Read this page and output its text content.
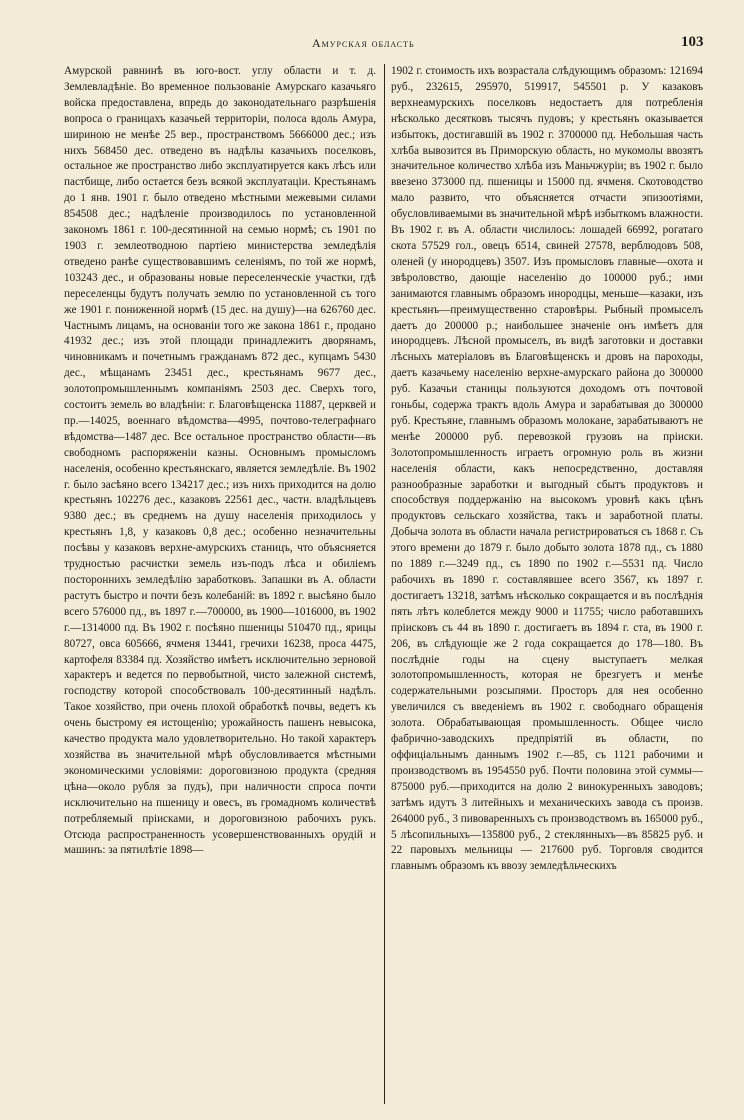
Амурская область	103

Амурской равнинѣ въ юго-вост. углу области и т. д. Землевладѣніе. Во временное пользованіе Амурскаго казачьяго войска предоставлена, впредь до законодательнаго разрѣшенія вопроса о границахъ казачьей территоріи, полоса вдоль Амура, шириною не менѣе 25 вер., пространствомъ 5666000 дес.; изъ нихъ 568450 дес. отведено въ надѣлы казачьихъ поселковъ, остальное же пространство либо эксплуатируется какъ лѣсъ или пастбище, либо остается безъ всякой эксплуатаціи. Крестьянамъ до 1 янв. 1901 г. было отведено мѣстными межевыми силами 854508 дес.; надѣленіе производилось по установленной закономъ 1861 г. 100-десятинной на семью нормѣ; съ 1901 по 1903 г. землеотводною партіею министерства земледѣлія отведено ранѣе существовавшимъ селеніямъ, по той же нормѣ, 103243 дес., и образованы новые переселенческіе участки, гдѣ переселенцы будутъ получать землю по установленной съ того же 1901 г. пониженной нормѣ (15 дес. на душу)—на 626760 дес. Частнымъ лицамъ, на основаніи того же закона 1861 г., продано 41932 дес.; изъ этой площади принадлежитъ дворянамъ, чиновникамъ и почетнымъ гражданамъ 872 дес., купцамъ 5430 дес., мѣщанамъ 23451 дес., крестьянамъ 9677 дес., золотопромышленнымъ компаніямъ 2503 дес. Сверхъ того, состоитъ земель во владѣніи: г. Благовѣщенска 11887, церквей и пр.—14025, военнаго вѣдомства—4995, почтово-телеграфнаго вѣдомства—1487 дес. Все остальное пространство области—въ свободномъ распоряженіи казны. Основнымъ промысломъ населенія, особенно крестьянскаго, является земледѣліе. Въ 1902 г. было засѣяно всего 134217 дес.; изъ нихъ приходится на долю крестьянъ 102276 дес., казаковъ 22561 дес., частн. владѣльцевъ 9380 дес.; въ среднемъ на душу населенія приходилось у крестьянъ 1,8, у казаковъ 0,8 дес.; особенно незначительны посѣвы у казаковъ верхне-амурскихъ станицъ, что объясняется трудностью расчистки земель изъ-подъ лѣса и обиліемъ постороннихъ земледѣлію заработковъ. Запашки въ А. области растутъ быстро и почти безъ колебаній: въ 1892 г. высѣяно было всего 576000 пд., въ 1897 г.—700000, въ 1900—1016000, въ 1902 г.—1314000 пд. Въ 1902 г. посѣяно пшеницы 510470 пд., ярицы 80727, овса 605666, ячменя 13441, гречихи 16238, проса 4475, картофеля 83384 пд. Хозяйство имѣетъ исключительно зерновой характеръ и ведется по первобытной, чисто залежной системѣ, господству которой способствовалъ 100-десятинный надѣлъ. Такое хозяйство, при очень плохой обработкѣ почвы, ведетъ къ очень быстрому ея истощенію; урожайность пашенъ невысока, качество продукта мало удовлетворительно. Но такой характеръ хозяйства въ значительной мѣрѣ обусловливается мѣстными экономическими условіями: дороговизною продукта (средняя цѣна—около рубля за пудъ), при наличности спроса почти исключительно на пшеницу и овесъ, въ громадномъ количествѣ потребляемый пріисками, и дороговизною рабочихъ рукъ. Отсюда распространенность усовершенствованныхъ орудій и машинъ: за пятилѣтіе 1898—

1902 г. стоимость ихъ возрастала слѣдующимъ образомъ: 121694 руб., 232615, 295970, 519917, 545501 р. У казаковъ верхнеамурскихъ поселковъ недостаетъ для потребленія нѣсколько десятковъ тысячъ пудовъ; у крестьянъ оказывается избытокъ, достигавшій въ 1902 г. 3700000 пд. Небольшая часть хлѣба вывозится въ Приморскую область, но мукомолы ввозятъ значительное количество хлѣба изъ Маньчжуріи; въ 1902 г. было ввезено 373000 пд. пшеницы и 15000 пд. ячменя. Скотоводство мало развито, что объясняется отчасти эпизоотіями, обусловливаемыми въ значительной мѣрѣ избыткомъ влажности. Въ 1902 г. въ А. области числилось: лошадей 66992, рогатаго скота 57529 гол., овецъ 6514, свиней 27578, верблюдовъ 508, оленей (у инородцевъ) 3507. Изъ промысловъ главные—охота и звѣроловство, дающіе населенію до 100000 руб.; ими занимаются главнымъ образомъ инородцы, меньше—казаки, изъ крестьянъ—преимущественно старовѣры. Рыбный промыселъ даетъ до 200000 р.; наибольшее значеніе онъ имѣетъ для инородцевъ. Лѣсной промыселъ, въ видѣ заготовки и доставки лѣсныхъ матеріаловъ въ Благовѣщенскъ и дровъ на пароходы, даетъ казачьему населенію верхне-амурскаго района до 300000 руб. Казачьи станицы пользуются доходомъ отъ почтовой гоньбы, содержа трактъ вдоль Амура и зарабатывая до 300000 руб. Крестьяне, главнымъ образомъ молокане, зарабатываютъ не менѣе 200000 руб. перевозкой грузовъ на пріиски. Золотопромышленность играетъ огромную роль въ жизни населенія области, какъ непосредственно, доставляя разнообразные заработки и выгодный сбытъ продуктовъ и способствуя поддержанію на высокомъ уровнѣ какъ цѣнъ продуктовъ сельскаго хозяйства, такъ и заработной платы. Добыча золота въ области начала регистрироваться съ 1868 г. Съ этого времени до 1879 г. было добыто золота 1878 пд., съ 1880 по 1889 г.—3249 пд., съ 1890 по 1902 г.—5531 пд. Число рабочихъ въ 1890 г. составлявшее всего 3567, къ 1897 г. достигаетъ 13218, затѣмъ нѣсколько сокращается и въ послѣднія пять лѣтъ колеблется между 9000 и 11755; число работавшихъ пріисковъ съ 44 въ 1890 г. достигаетъ въ 1894 г. ста, въ 1900 г. 206, въ слѣдующіе же 2 года сокращается до 178—180. Въ послѣдніе годы на сцену выступаетъ мелкая золотопромышленность, которая не брезгуетъ и менѣе содержательными розсыпями. Просторъ для нея особенно увеличился съ введеніемъ въ 1902 г. свободнаго обращенія золота. Обрабатывающая промышленность. Общее число фабрично-заводскихъ предпріятій въ области, по оффиціальнымъ даннымъ 1902 г.—85, съ 1121 рабочими и производствомъ въ 1954550 руб. Почти половина этой суммы—875000 руб.—приходится на долю 2 винокуренныхъ заводовъ; затѣмъ идутъ 3 литейныхъ и механическихъ завода съ произв. 264000 руб., 3 пивоваренныхъ съ производствомъ въ 165000 руб., 5 лѣсопильныхъ—135800 руб., 2 стеклянныхъ—въ 85825 руб. и 22 паровыхъ мельницы — 217600 руб. Торговля сводится главнымъ образомъ къ ввозу земледѣльческихъ
